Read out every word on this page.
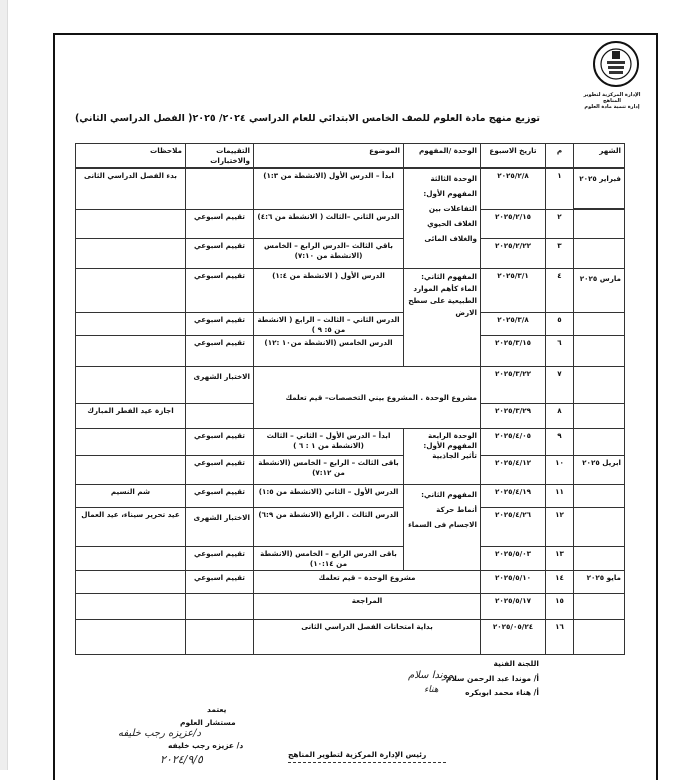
الإدارة المركزية لتطوير المناهج
إدارة تنمية مادة العلوم
توزيع منهج مادة العلوم للصف الخامس الابتدائي للعام الدراسي ٢٠٢٤/ ٢٠٢٥( الفصل الدراسي الثاني)
الشهر
م
تاريخ الاسبوع
الوحدة /المفهوم
الموضوع
التقييمات والاختبارات
ملاحظات
فبراير ٢٠٢٥
مارس ٢٠٢٥
ابريل ٢٠٢٥
مايو ٢٠٢٥
١
٢
٣
٤
٥
٦
٧
٨
٩
١٠
١١
١٢
١٣
١٤
١٥
١٦
٢٠٢٥/٢/٨
٢٠٢٥/٢/١٥
٢٠٢٥/٢/٢٢
٢٠٢٥/٣/١
٢٠٢٥/٣/٨
٢٠٢٥/٣/١٥
٢٠٢٥/٣/٢٢
٢٠٢٥/٣/٢٩
٢٠٢٥/٤/٠٥
٢٠٢٥/٤/١٢
٢٠٢٥/٤/١٩
٢٠٢٥/٤/٢٦
٢٠٢٥/٥/٠٣
٢٠٢٥/٥/١٠
٢٠٢٥/٥/١٧
٢٠٢٥/٠٥/٢٤
الوحدة الثالثة المفهوم الأول: التفاعلات بين الغلاف الحيوي والغلاف المائى
المفهوم الثاني: الماء كأهم الموارد الطبيعية على سطح الارض
الوحدة الرابعة المفهوم الأول: تأثير الجاذبية
المفهوم الثاني: أنماط حركة الاجسام فى السماء
ابدأ – الدرس الأول (الانشطة من ١:٣)
الدرس الثاني –الثالث ( الانشطة من ٤:٦)
باقي الثالث –الدرس الرابع – الخامس (الانشطة من ٧:١٠)
الدرس الأول ( الانشطة من ١:٤)
الدرس الثاني – الثالث – الرابع ( الانشطة من ٥: ٩ )
الدرس الخامس (الانشطة من١٠ :١٢)
مشروع الوحدة . المشروع بيني التخصصات– قيم تعلمك
ابدأ – الدرس الأول – الثاني – الثالث (الانشطة من ١ : ٦ )
باقى الثالث – الرابع – الخامس (الانشطة من ٧:١٢)
الدرس الأول – الثاني (الانشطة من ١:٥)
الدرس الثالث . الرابع (الانشطة من ٦:٩)
باقى الدرس الرابع – الخامس (الانشطة من ١٠:١٤)
مشروع الوحدة – قيم تعلمك
المراجعة
بداية امتحانات الفصل الدراسي الثانى
تقييم اسبوعي
تقييم اسبوعي
تقييم اسبوعي
تقييم اسبوعي
تقييم اسبوعي
الاختبار الشهرى
تقييم اسبوعي
تقييم اسبوعي
تقييم اسبوعي
الاختبار الشهرى
تقييم اسبوعي
تقييم اسبوعي
بدء الفصل الدراسي الثانى
اجازة عيد الفطر المبارك
شم النسيم
عيد تحرير سيناء، عيد العمال
اللجنة الفنية
أ/ موندا عبد الرحمن سلام
موندا سلام
أ/ هناء محمد ابوبكره
هناء
يعتمد
مستشار العلوم
د/عزيزه رجب خليفه
د/ عزيزه رجب خليفه
٢٠٢٤/٩/٥	رئيس الإدارة المركزية لتطوير المناهج
